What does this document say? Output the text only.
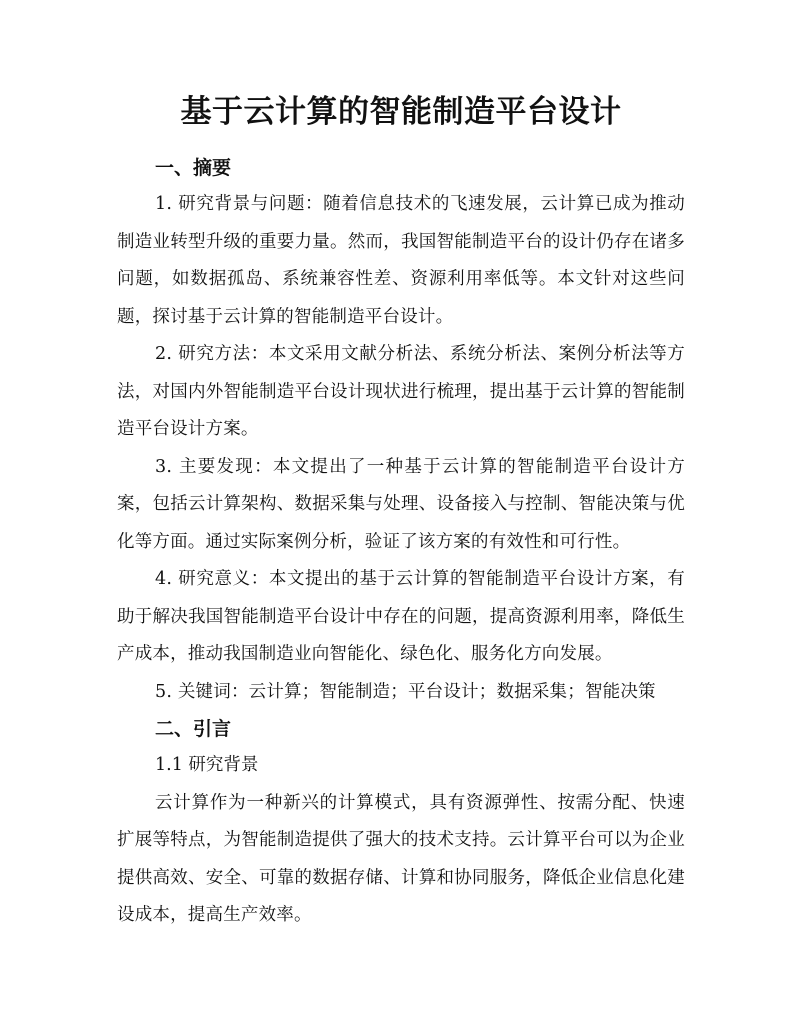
基于云计算的智能制造平台设计
一、摘要

1. 研究背景与问题：随着信息技术的飞速发展，云计算已成为推动制造业转型升级的重要力量。然而，我国智能制造平台的设计仍存在诸多问题，如数据孤岛、系统兼容性差、资源利用率低等。本文针对这些问题，探讨基于云计算的智能制造平台设计。

2. 研究方法：本文采用文献分析法、系统分析法、案例分析法等方法，对国内外智能制造平台设计现状进行梳理，提出基于云计算的智能制造平台设计方案。

3. 主要发现：本文提出了一种基于云计算的智能制造平台设计方案，包括云计算架构、数据采集与处理、设备接入与控制、智能决策与优化等方面。通过实际案例分析，验证了该方案的有效性和可行性。

4. 研究意义：本文提出的基于云计算的智能制造平台设计方案，有助于解决我国智能制造平台设计中存在的问题，提高资源利用率，降低生产成本，推动我国制造业向智能化、绿色化、服务化方向发展。

5. 关键词：云计算；智能制造；平台设计；数据采集；智能决策

二、引言

1.1 研究背景

云计算作为一种新兴的计算模式，具有资源弹性、按需分配、快速扩展等特点，为智能制造提供了强大的技术支持。云计算平台可以为企业提供高效、安全、可靠的数据存储、计算和协同服务，降低企业信息化建设成本，提高生产效率。
